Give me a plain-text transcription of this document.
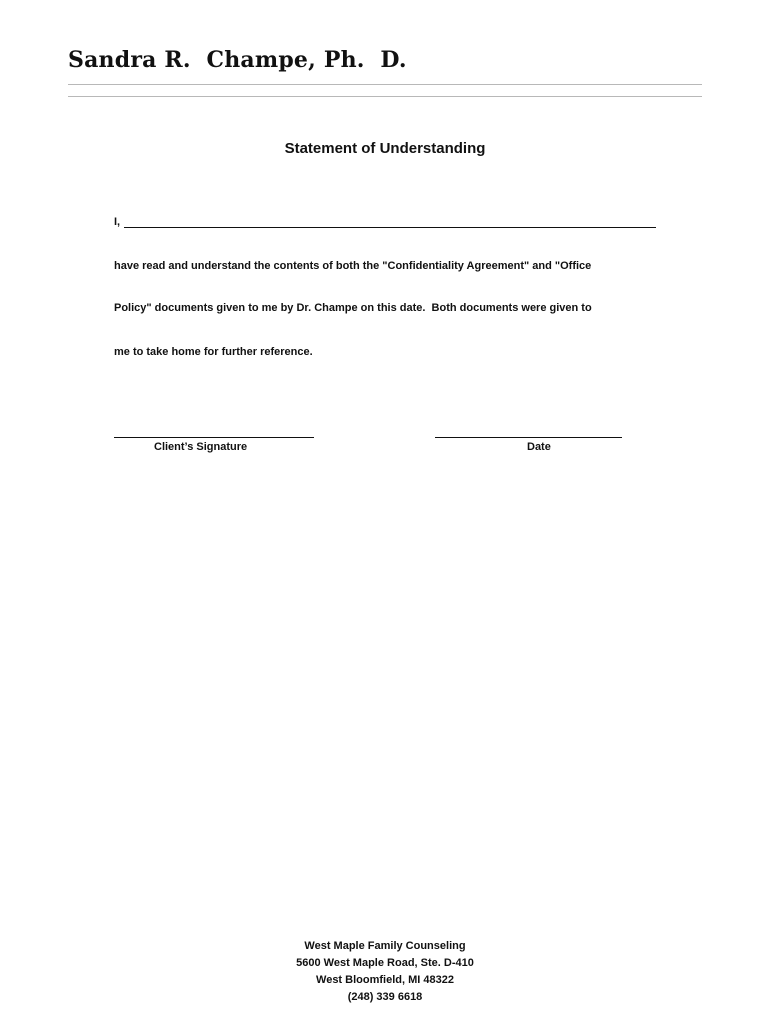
Sandra R.  Champe, Ph.  D.
Statement of Understanding
I,
have read and understand the contents of both the "Confidentiality Agreement" and "Office
Policy" documents given to me by Dr. Champe on this date.  Both documents were given to
me to take home for further reference.
Client’s Signature	Date
West Maple Family Counseling
5600 West Maple Road, Ste. D-410
West Bloomfield, MI 48322
(248) 339 6618
